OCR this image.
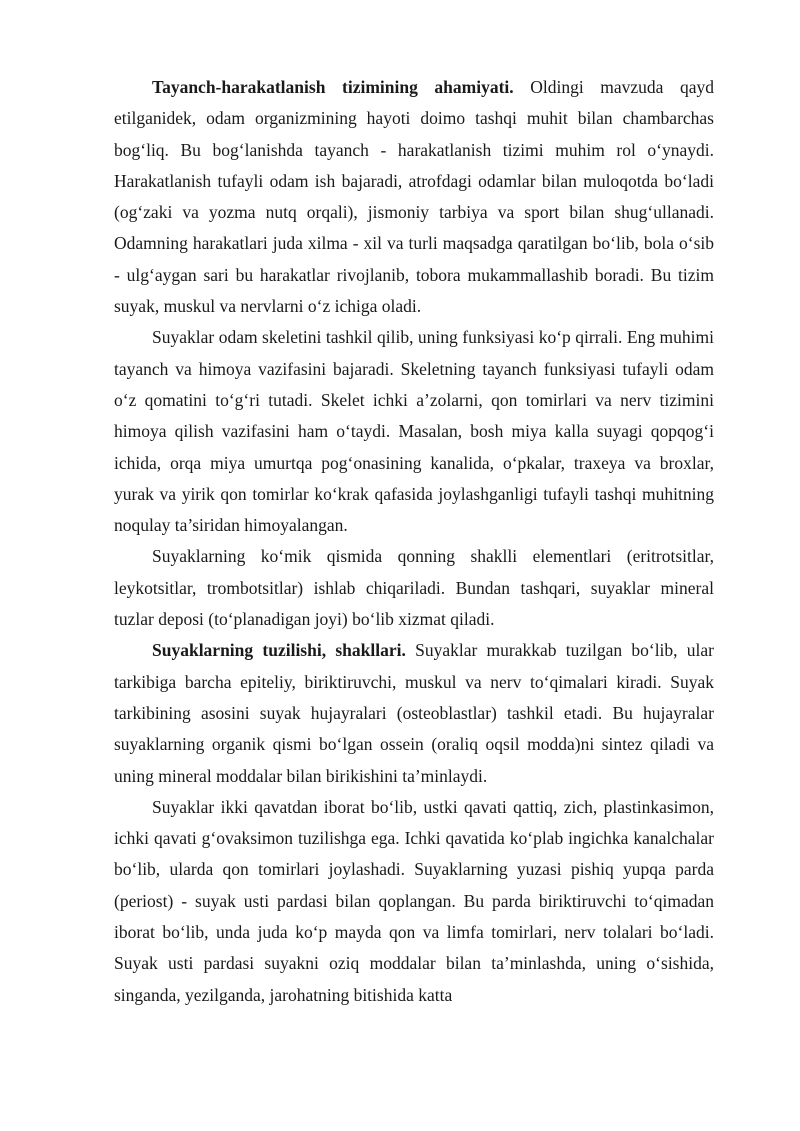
Tayanch-harakatlanish tizimining ahamiyati. Oldingi mavzuda qayd etilganidek, odam organizmining hayoti doimo tashqi muhit bilan chambarchas bog‘liq. Bu bog‘lanishda tayanch - harakatlanish tizimi muhim rol o‘ynaydi. Harakatlanish tufayli odam ish bajaradi, atrofdagi odamlar bilan muloqotda bo‘ladi (og‘zaki va yozma nutq orqali), jismoniy tarbiya va sport bilan shug‘ullanadi. Odamning harakatlari juda xilma - xil va turli maqsadga qaratilgan bo‘lib, bola o‘sib - ulg‘aygan sari bu harakatlar rivojlanib, tobora mukammallashib boradi. Bu tizim suyak, muskul va nervlarni o‘z ichiga oladi.

Suyaklar odam skeletini tashkil qilib, uning funksiyasi ko‘p qirrali. Eng muhimi tayanch va himoya vazifasini bajaradi. Skeletning tayanch funksiyasi tufayli odam o‘z qomatini to‘g‘ri tutadi. Skelet ichki a’zolarni, qon tomirlari va nerv tizimini himoya qilish vazifasini ham o‘taydi. Masalan, bosh miya kalla suyagi qopqog‘i ichida, orqa miya umurtqa pog‘onasining kanalida, o‘pkalar, traxeya va broxlar, yurak va yirik qon tomirlar ko‘krak qafasida joylashganligi tufayli tashqi muhitning noqulay ta’siridan himoyalangan.

Suyaklarning ko‘mik qismida qonning shaklli elementlari (eritrotsitlar, leykotsitlar, trombotsitlar) ishlab chiqariladi. Bundan tashqari, suyaklar mineral tuzlar deposi (to‘planadigan joyi) bo‘lib xizmat qiladi.

Suyaklarning tuzilishi, shakllari. Suyaklar murakkab tuzilgan bo‘lib, ular tarkibiga barcha epiteliy, biriktiruvchi, muskul va nerv to‘qimalari kiradi. Suyak tarkibining asosini suyak hujayralari (osteoblastlar) tashkil etadi. Bu hujayralar suyaklarning organik qismi bo‘lgan ossein (oraliq oqsil modda)ni sintez qiladi va uning mineral moddalar bilan birikishini ta’minlaydi.

Suyaklar ikki qavatdan iborat bo‘lib, ustki qavati qattiq, zich, plastinkasimon, ichki qavati g‘ovaksimon tuzilishga ega. Ichki qavatida ko‘plab ingichka kanalchalar bo‘lib, ularda qon tomirlari joylashadi. Suyaklarning yuzasi pishiq yupqa parda (periost) - suyak usti pardasi bilan qoplangan. Bu parda biriktiruvchi to‘qimadan iborat bo‘lib, unda juda ko‘p mayda qon va limfa tomirlari, nerv tolalari bo‘ladi. Suyak usti pardasi suyakni oziq moddalar bilan ta’minlashda, uning o‘sishida, singanda, yezilganda, jarohatning bitishida katta
